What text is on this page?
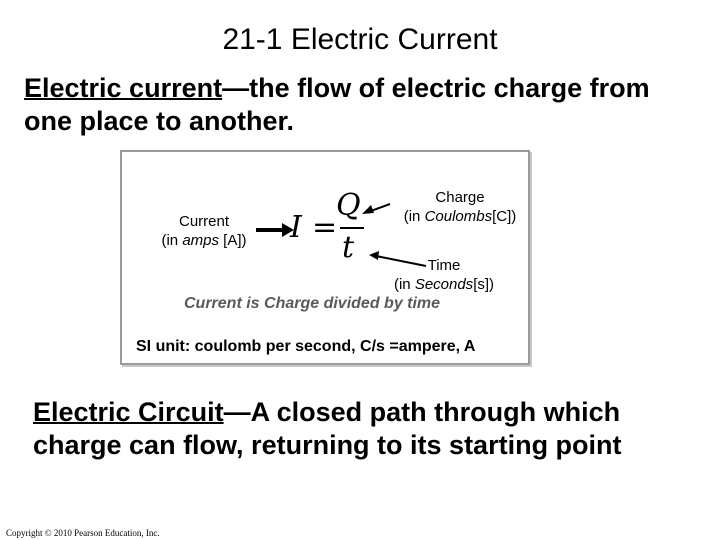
21-1 Electric Current
Electric current—the flow of electric charge from
one place to another.
Current
(in amps [A])
Charge
(in Coulombs[C])
Time
(in Seconds[s])
I =
Q
t
Current is Charge divided by time
SI unit: coulomb per second, C/s =ampere, A
Electric Circuit—A closed path through which
charge can flow, returning to its starting point
Copyright © 2010 Pearson Education, Inc.
